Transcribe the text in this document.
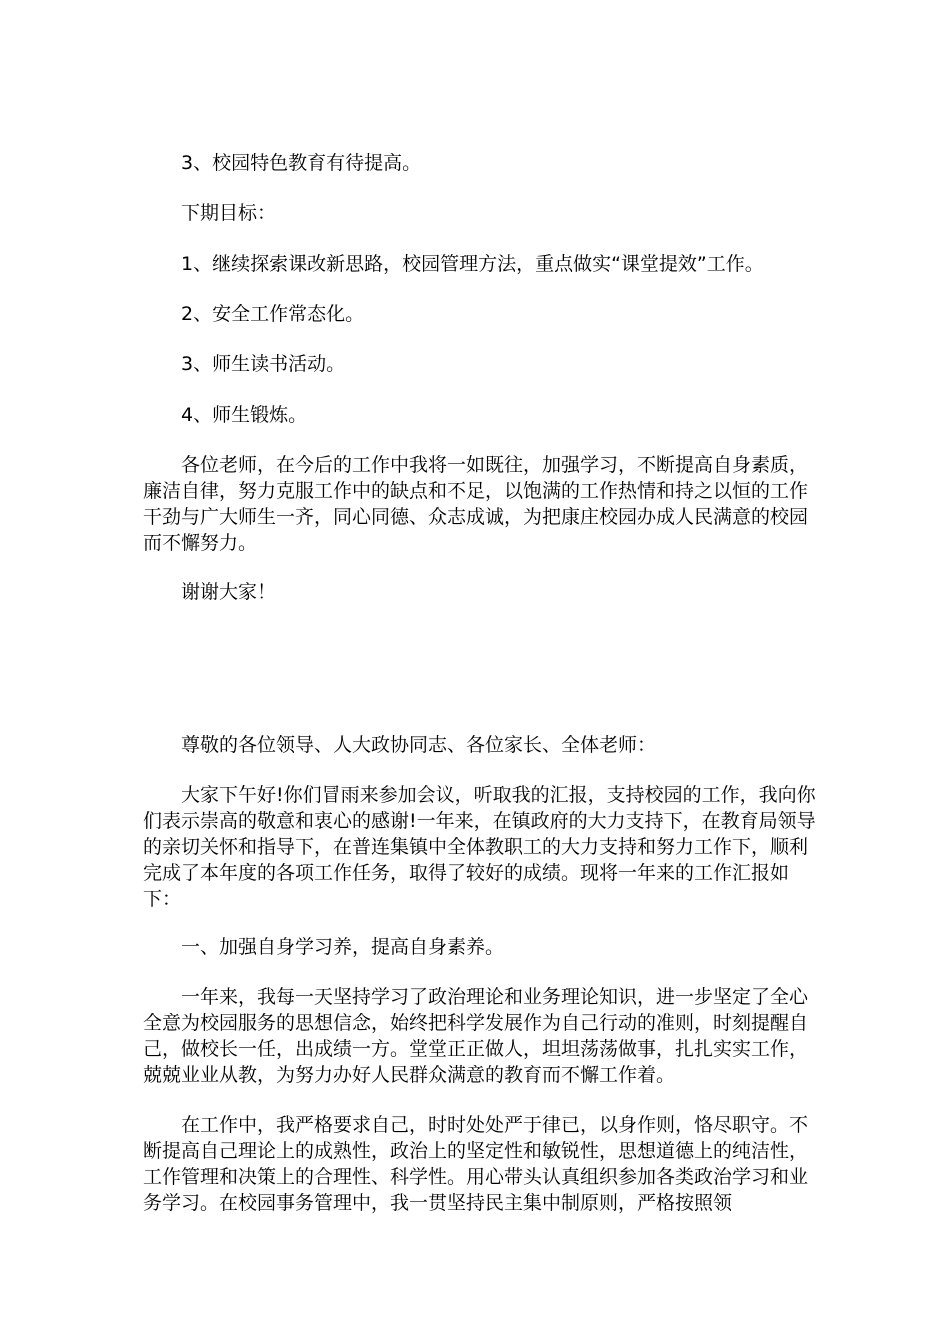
3、校园特色教育有待提高。

下期目标：

1、继续探索课改新思路，校园管理方法，重点做实“课堂提效”工作。

2、安全工作常态化。

3、师生读书活动。

4、师生锻炼。

各位老师，在今后的工作中我将一如既往，加强学习，不断提高自身素质，廉洁自律，努力克服工作中的缺点和不足，以饱满的工作热情和持之以恒的工作干劲与广大师生一齐，同心同德、众志成诚，为把康庄校园办成人民满意的校园而不懈努力。

谢谢大家！

尊敬的各位领导、人大政协同志、各位家长、全体老师：

大家下午好!你们冒雨来参加会议，听取我的汇报，支持校园的工作，我向你们表示崇高的敬意和衷心的感谢!一年来，在镇政府的大力支持下，在教育局领导的亲切关怀和指导下，在普连集镇中全体教职工的大力支持和努力工作下，顺利完成了本年度的各项工作任务，取得了较好的成绩。现将一年来的工作汇报如下：

一、加强自身学习养，提高自身素养。

一年来，我每一天坚持学习了政治理论和业务理论知识，进一步坚定了全心全意为校园服务的思想信念，始终把科学发展作为自己行动的准则，时刻提醒自己，做校长一任，出成绩一方。堂堂正正做人，坦坦荡荡做事，扎扎实实工作，兢兢业业从教，为努力办好人民群众满意的教育而不懈工作着。

在工作中，我严格要求自己，时时处处严于律已，以身作则，恪尽职守。不断提高自己理论上的成熟性，政治上的坚定性和敏锐性，思想道德上的纯洁性，工作管理和决策上的合理性、科学性。用心带头认真组织参加各类政治学习和业务学习。在校园事务管理中，我一贯坚持民主集中制原则，严格按照领
